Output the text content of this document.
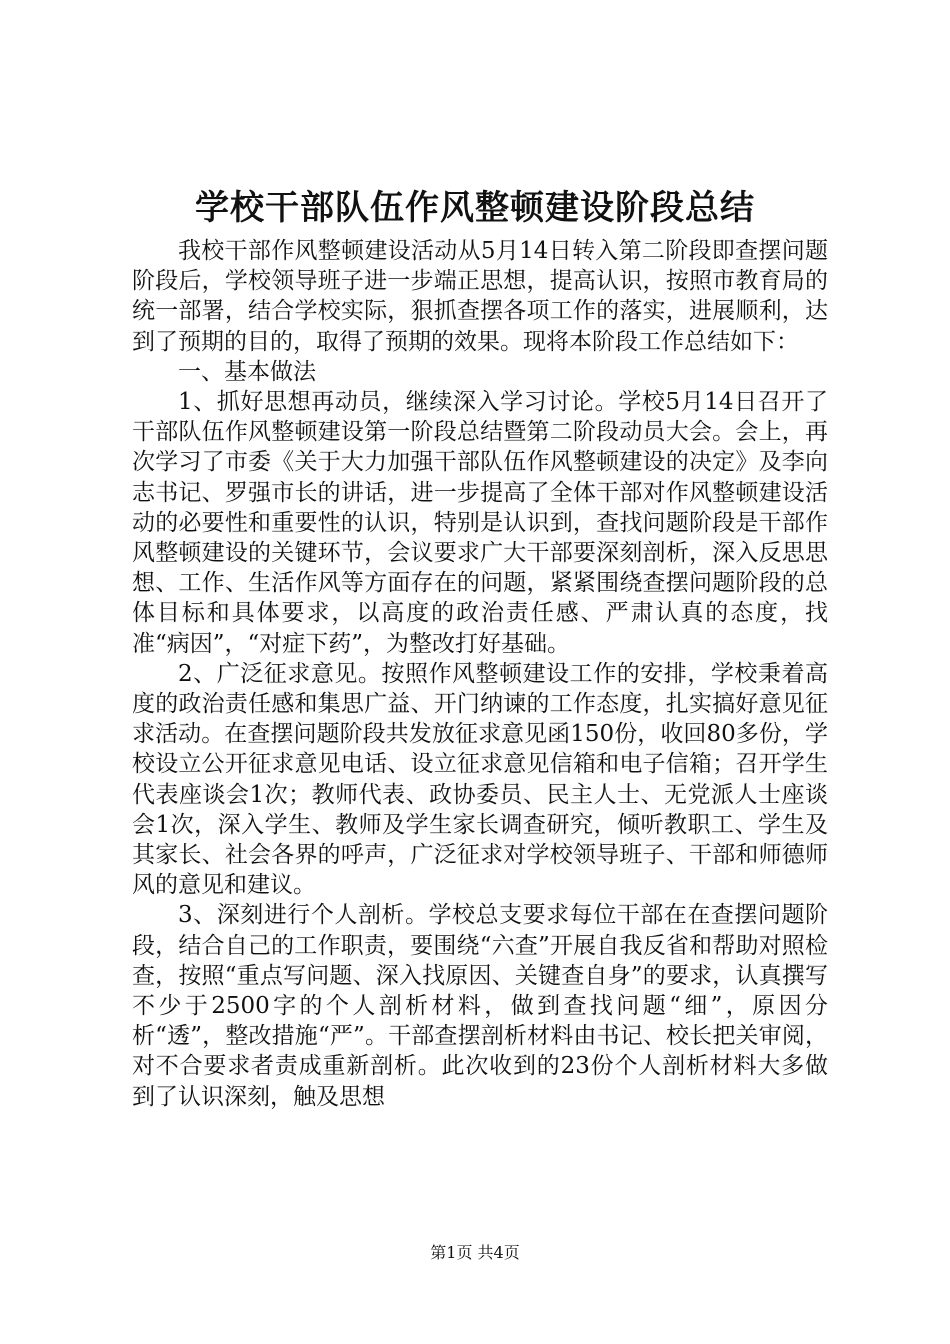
学校干部队伍作风整顿建设阶段总结

我校干部作风整顿建设活动从5月14日转入第二阶段即查摆问题阶段后，学校领导班子进一步端正思想，提高认识，按照市教育局的统一部署，结合学校实际，狠抓查摆各项工作的落实，进展顺利，达到了预期的目的，取得了预期的效果。现将本阶段工作总结如下：

一、基本做法

1、抓好思想再动员，继续深入学习讨论。学校5月14日召开了干部队伍作风整顿建设第一阶段总结暨第二阶段动员大会。会上，再次学习了市委《关于大力加强干部队伍作风整顿建设的决定》及李向志书记、罗强市长的讲话，进一步提高了全体干部对作风整顿建设活动的必要性和重要性的认识，特别是认识到，查找问题阶段是干部作风整顿建设的关键环节，会议要求广大干部要深刻剖析，深入反思思想、工作、生活作风等方面存在的问题，紧紧围绕查摆问题阶段的总体目标和具体要求，以高度的政治责任感、严肃认真的态度，找准“病因”，“对症下药”，为整改打好基础。

2、广泛征求意见。按照作风整顿建设工作的安排，学校秉着高度的政治责任感和集思广益、开门纳谏的工作态度，扎实搞好意见征求活动。在查摆问题阶段共发放征求意见函150份，收回80多份，学校设立公开征求意见电话、设立征求意见信箱和电子信箱；召开学生代表座谈会1次；教师代表、政协委员、民主人士、无党派人士座谈会1次，深入学生、教师及学生家长调查研究，倾听教职工、学生及其家长、社会各界的呼声，广泛征求对学校领导班子、干部和师德师风的意见和建议。

3、深刻进行个人剖析。学校总支要求每位干部在在查摆问题阶段，结合自己的工作职责，要围绕“六查”开展自我反省和帮助对照检查，按照“重点写问题、深入找原因、关键查自身”的要求，认真撰写不少于2500字的个人剖析材料，做到查找问题“细”，原因分析“透”，整改措施“严”。干部查摆剖析材料由书记、校长把关审阅，对不合要求者责成重新剖析。此次收到的23份个人剖析材料大多做到了认识深刻，触及思想

第1页 共4页
